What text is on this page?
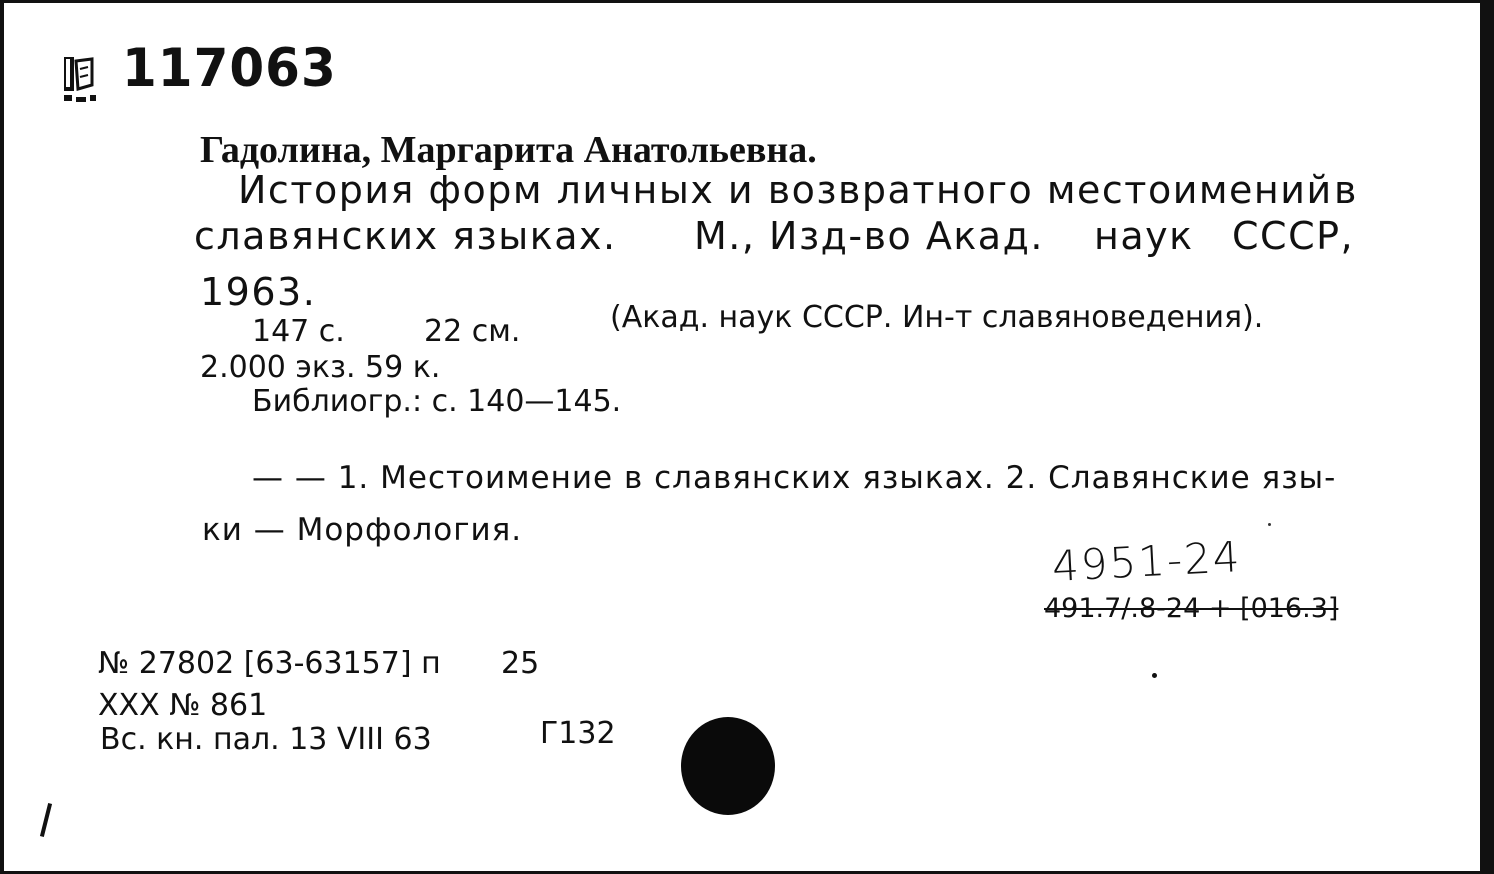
117063
Гадолина, Маргарита Анатольевна.
История форм личных и возвратного местоимений в
славянских языках. М., Изд-во Акад. наук СССР,
1963.
147 с.	22 см.	(Акад. наук СССР. Ин-т славяноведения).
2.000 экз. 59 к.
Библиогр.: с. 140—145.
— — 1. Местоимение в славянских языках. 2. Славянские язы-
ки — Морфология.
4951-24
491.7/.8-24 + [016.3]
№ 27802 [63-63157] п 25
XXX № 861
Вс. кн. пал. 13 VIII 63	Г132
